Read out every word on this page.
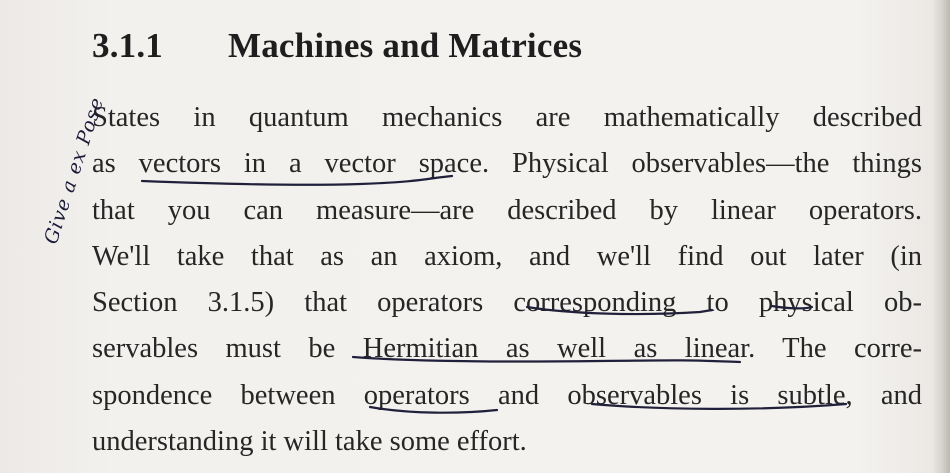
3.1.1 Machines and Matrices
States in quantum mechanics are mathematically described
as vectors in a vector space. Physical observables—the things
that you can measure—are described by linear operators.
We'll take that as an axiom, and we'll find out later (in
Section 3.1.5) that operators corresponding to physical ob-
servables must be Hermitian as well as linear. The corre-
spondence between operators and observables is subtle, and
understanding it will take some effort.
Give a ex Pose
